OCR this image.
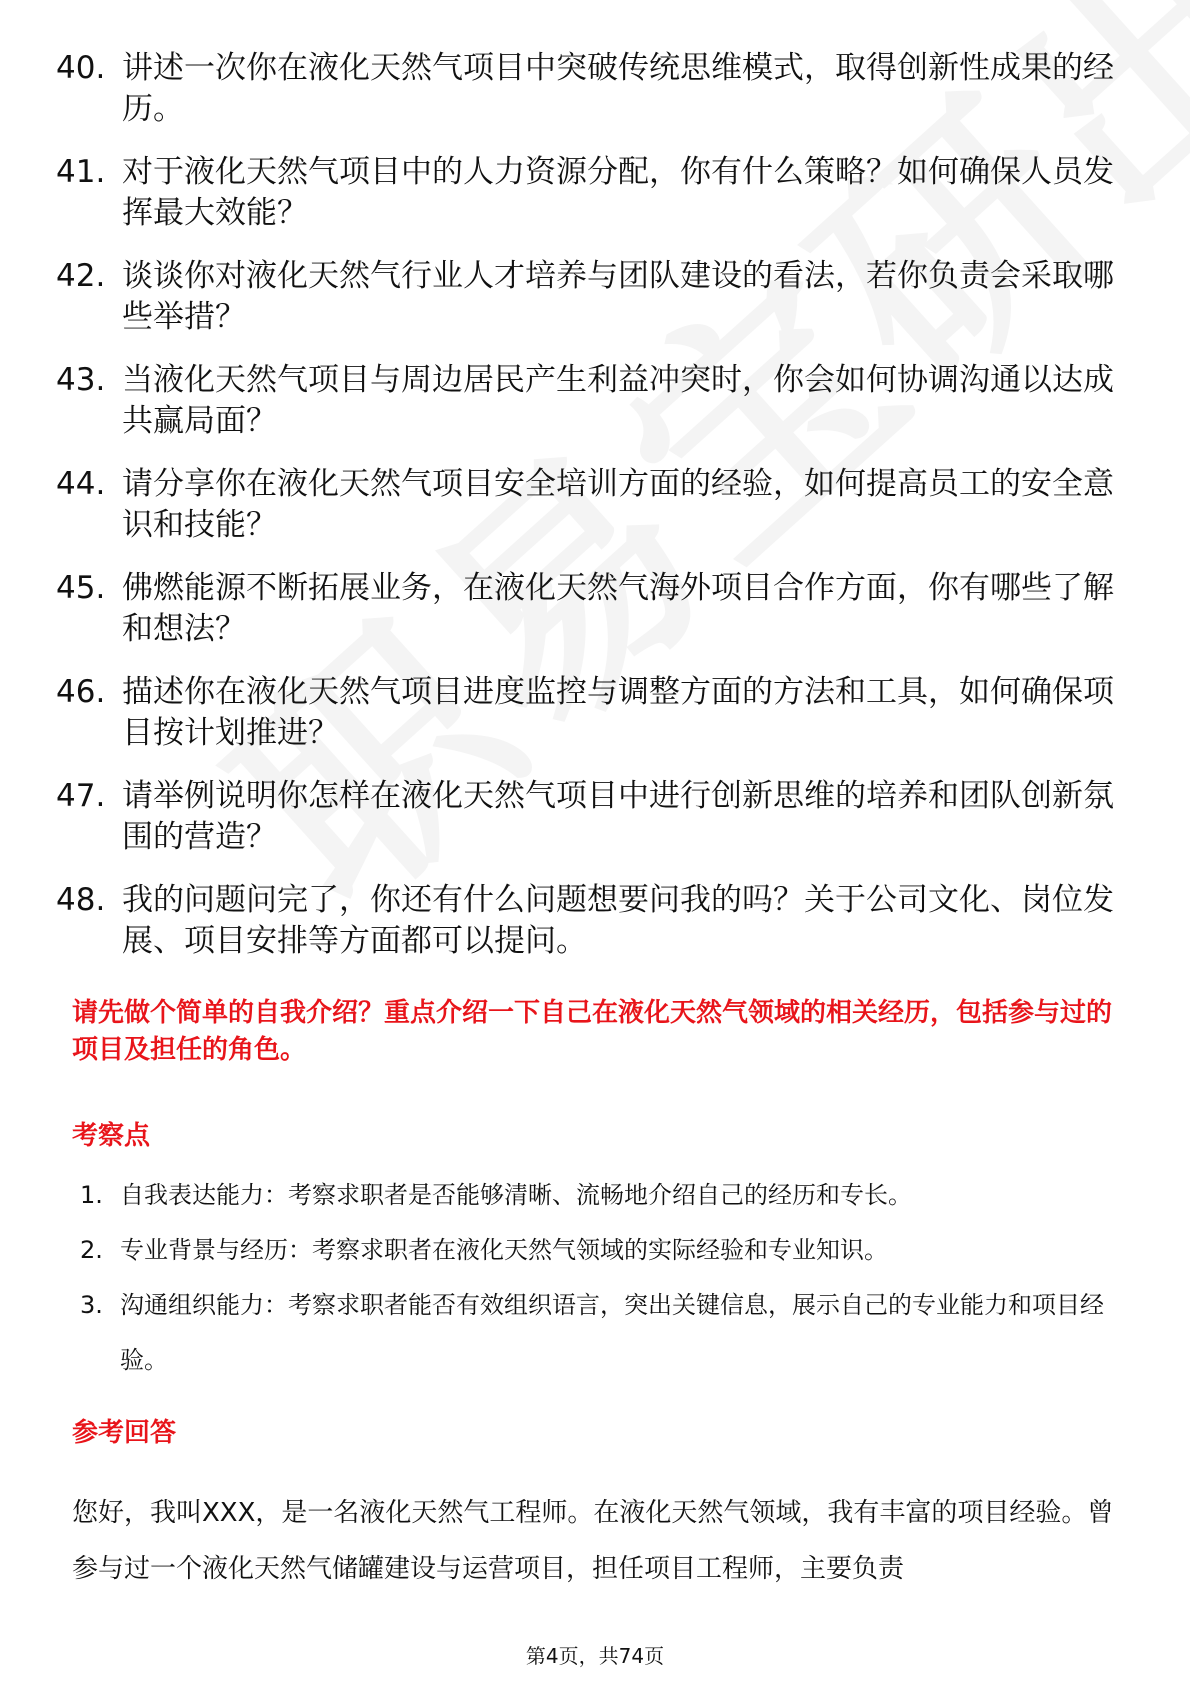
40. 讲述一次你在液化天然气项目中突破传统思维模式，取得创新性成果的经历。
41. 对于液化天然气项目中的人力资源分配，你有什么策略？如何确保人员发挥最大效能？
42. 谈谈你对液化天然气行业人才培养与团队建设的看法，若你负责会采取哪些举措？
43. 当液化天然气项目与周边居民产生利益冲突时，你会如何协调沟通以达成共赢局面？
44. 请分享你在液化天然气项目安全培训方面的经验，如何提高员工的安全意识和技能？
45. 佛燃能源不断拓展业务，在液化天然气海外项目合作方面，你有哪些了解和想法？
46. 描述你在液化天然气项目进度监控与调整方面的方法和工具，如何确保项目按计划推进？
47. 请举例说明你怎样在液化天然气项目中进行创新思维的培养和团队创新氛围的营造？
48. 我的问题问完了，你还有什么问题想要问我的吗？关于公司文化、岗位发展、项目安排等方面都可以提问。

请先做个简单的自我介绍？重点介绍一下自己在液化天然气领域的相关经历，包括参与过的项目及担任的角色。

考察点
1. 自我表达能力：考察求职者是否能够清晰、流畅地介绍自己的经历和专长。
2. 专业背景与经历：考察求职者在液化天然气领域的实际经验和专业知识。
3. 沟通组织能力：考察求职者能否有效组织语言，突出关键信息，展示自己的专业能力和项目经验。
参考回答

您好，我叫XXX，是一名液化天然气工程师。在液化天然气领域，我有丰富的项目经验。曾参与过一个液化天然气储罐建设与运营项目，担任项目工程师，主要负责

第4页，共74页
